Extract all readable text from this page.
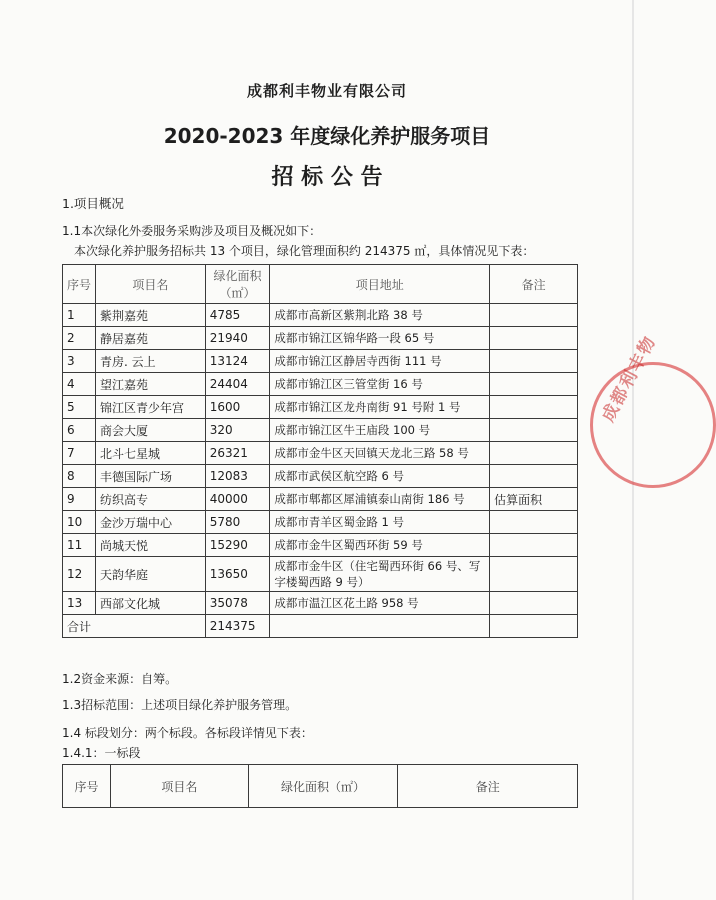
成都利丰物业有限公司
2020-2023 年度绿化养护服务项目
招 标 公 告
1.项目概况
1.1本次绿化外委服务采购涉及项目及概况如下：
本次绿化养护服务招标共 13 个项目，绿化管理面积约 214375 ㎡，具体情况见下表：
序号	项目名	绿化面积（㎡）	项目地址	备注
1	紫荆嘉苑	4785	成都市高新区紫荆北路 38 号	
2	静居嘉苑	21940	成都市锦江区锦华路一段 65 号	
3	青房. 云上	13124	成都市锦江区静居寺西街 111 号	
4	望江嘉苑	24404	成都市锦江区三管堂街 16 号	
5	锦江区青少年宫	1600	成都市锦江区龙舟南街 91 号附 1 号	
6	商会大厦	320	成都市锦江区牛王庙段 100 号	
7	北斗七星城	26321	成都市金牛区天回镇天龙北三路 58 号	
8	丰德国际广场	12083	成都市武侯区航空路 6 号	
9	纺织高专	40000	成都市郫都区犀浦镇泰山南街 186 号	估算面积
10	金沙万瑞中心	5780	成都市青羊区蜀金路 1 号	
11	尚城天悦	15290	成都市金牛区蜀西环街 59 号	
12	天韵华庭	13650	成都市金牛区（住宅蜀西环街 66 号、写字楼蜀西路 9 号）	
13	西部文化城	35078	成都市温江区花土路 958 号	
合计		214375		
1.2资金来源：自筹。
1.3招标范围：上述项目绿化养护服务管理。
1.4 标段划分：两个标段。各标段详情见下表：
1.4.1：一标段
序号	项目名	绿化面积（㎡）	备注
成都利丰物
